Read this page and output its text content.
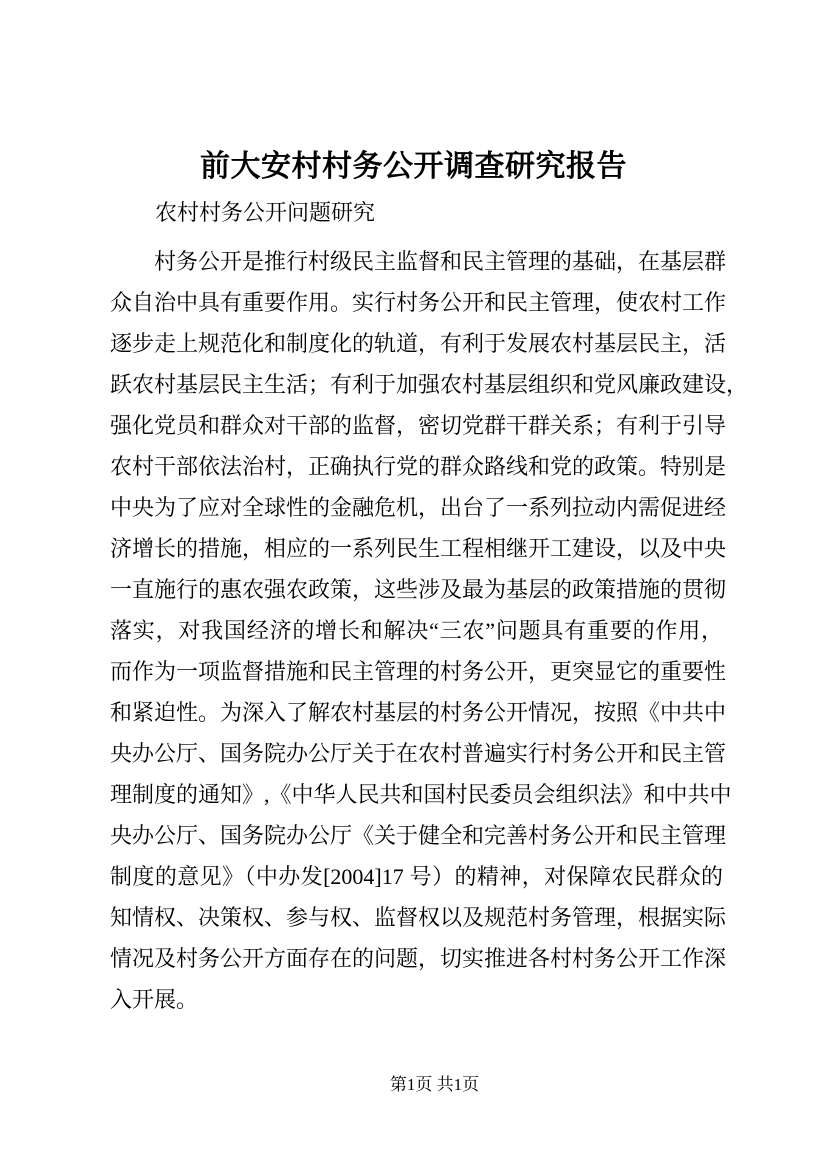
前大安村村务公开调查研究报告
农村村务公开问题研究
村务公开是推行村级民主监督和民主管理的基础，在基层群
众自治中具有重要作用。实行村务公开和民主管理，使农村工作
逐步走上规范化和制度化的轨道，有利于发展农村基层民主，活
跃农村基层民主生活；有利于加强农村基层组织和党风廉政建设，
强化党员和群众对干部的监督，密切党群干群关系；有利于引导
农村干部依法治村，正确执行党的群众路线和党的政策。特别是
中央为了应对全球性的金融危机，出台了一系列拉动内需促进经
济增长的措施，相应的一系列民生工程相继开工建设，以及中央
一直施行的惠农强农政策，这些涉及最为基层的政策措施的贯彻
落实，对我国经济的增长和解决“三农”问题具有重要的作用，
而作为一项监督措施和民主管理的村务公开，更突显它的重要性
和紧迫性。为深入了解农村基层的村务公开情况，按照《中共中
央办公厅、国务院办公厅关于在农村普遍实行村务公开和民主管
理制度的通知》,《中华人民共和国村民委员会组织法》和中共中
央办公厅、国务院办公厅《关于健全和完善村务公开和民主管理
制度的意见》（中办发[2004]17 号）的精神，对保障农民群众的
知情权、决策权、参与权、监督权以及规范村务管理，根据实际
情况及村务公开方面存在的问题，切实推进各村村务公开工作深
入开展。
第1页 共1页
